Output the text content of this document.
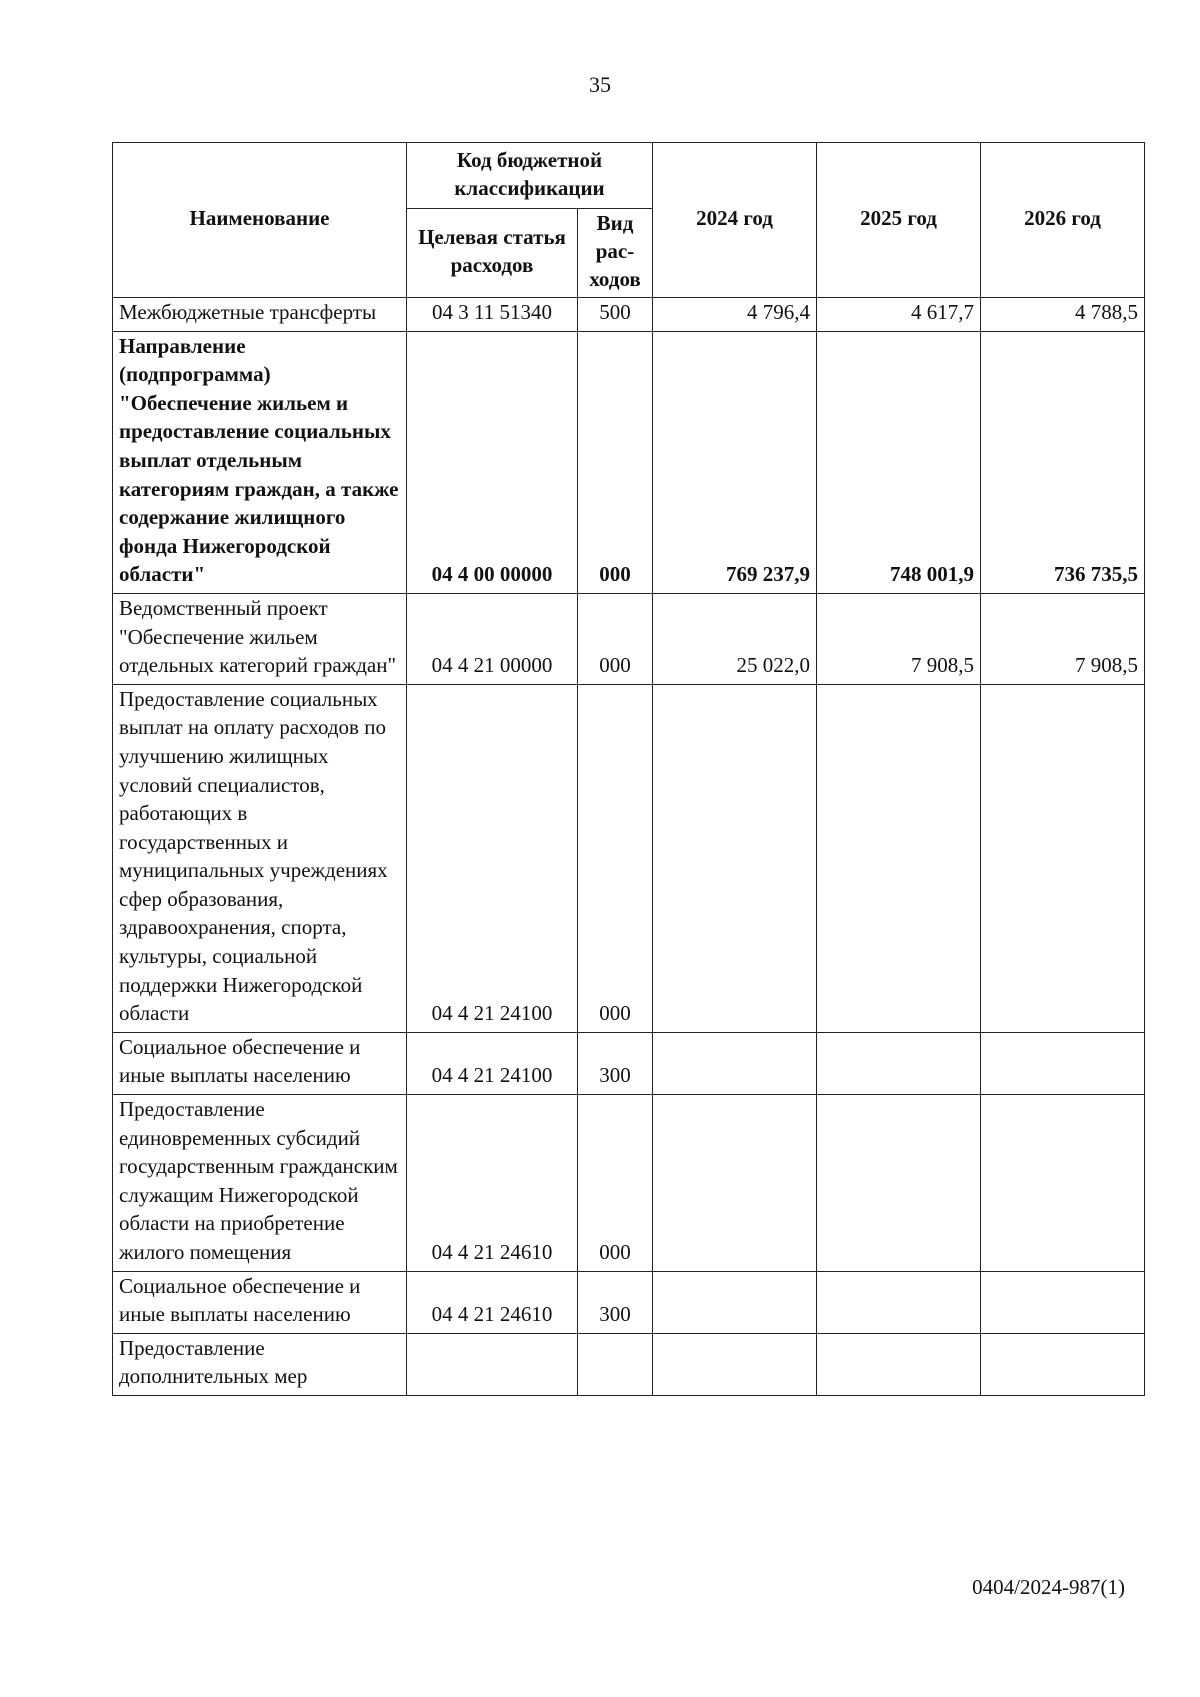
35
Наименование	Код бюджетной классификации		2024 год	2025 год	2026 год
	Целевая статья расходов	Вид рас-ходов			
Межбюджетные трансферты	04 3 11 51340	500	4 796,4	4 617,7	4 788,5
Направление (подпрограмма) "Обеспечение жильем и предоставление социальных выплат отдельным категориям граждан, а также содержание жилищного фонда Нижегородской области"	04 4 00 00000	000	769 237,9	748 001,9	736 735,5
Ведомственный проект "Обеспечение жильем отдельных категорий граждан"	04 4 21 00000	000	25 022,0	7 908,5	7 908,5
Предоставление социальных выплат на оплату расходов по улучшению жилищных условий специалистов, работающих в государственных и муниципальных учреждениях сфер образования, здравоохранения, спорта, культуры, социальной поддержки Нижегородской области	04 4 21 24100	000			
Социальное обеспечение и иные выплаты населению	04 4 21 24100	300			
Предоставление единовременных субсидий государственным гражданским служащим Нижегородской области на приобретение жилого помещения	04 4 21 24610	000			
Социальное обеспечение и иные выплаты населению	04 4 21 24610	300			
Предоставление дополнительных мер					
0404/2024-987(1)
